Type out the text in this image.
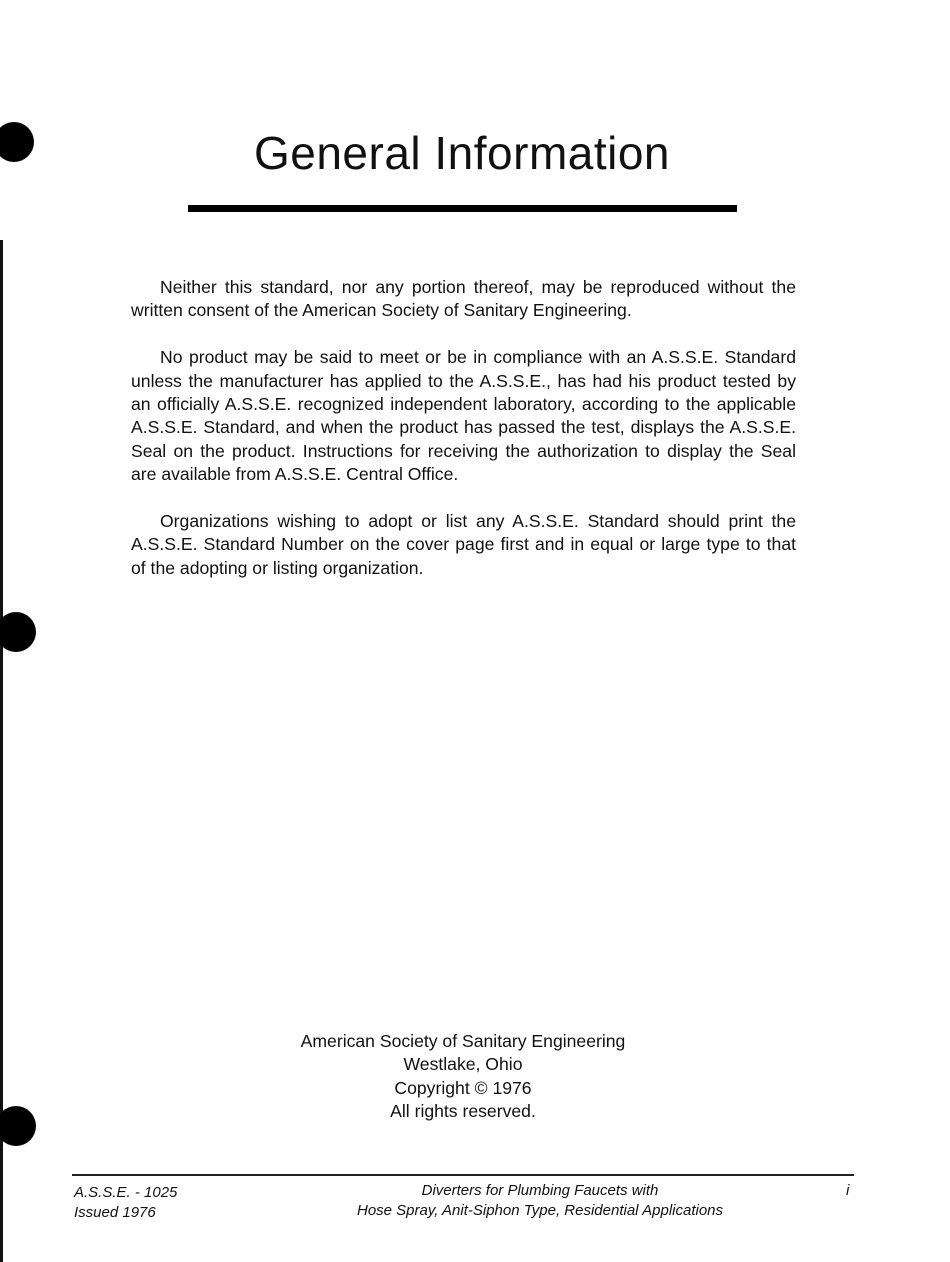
General Information

Neither this standard, nor any portion thereof, may be reproduced without the written consent of the American Society of Sanitary Engineering.

No product may be said to meet or be in compliance with an A.S.S.E. Standard unless the manufacturer has applied to the A.S.S.E., has had his product tested by an officially A.S.S.E. recognized independent laboratory, according to the applicable A.S.S.E. Standard, and when the product has passed the test, displays the A.S.S.E. Seal on the product. Instructions for receiving the authorization to display the Seal are available from A.S.S.E. Central Office.

Organizations wishing to adopt or list any A.S.S.E. Standard should print the A.S.S.E. Standard Number on the cover page first and in equal or large type to that of the adopting or listing organization.

American Society of Sanitary Engineering
Westlake, Ohio
Copyright © 1976
All rights reserved.
A.S.S.E. - 1025
Issued 1976
Diverters for Plumbing Faucets with
Hose Spray, Anit-Siphon Type, Residential Applications
i
